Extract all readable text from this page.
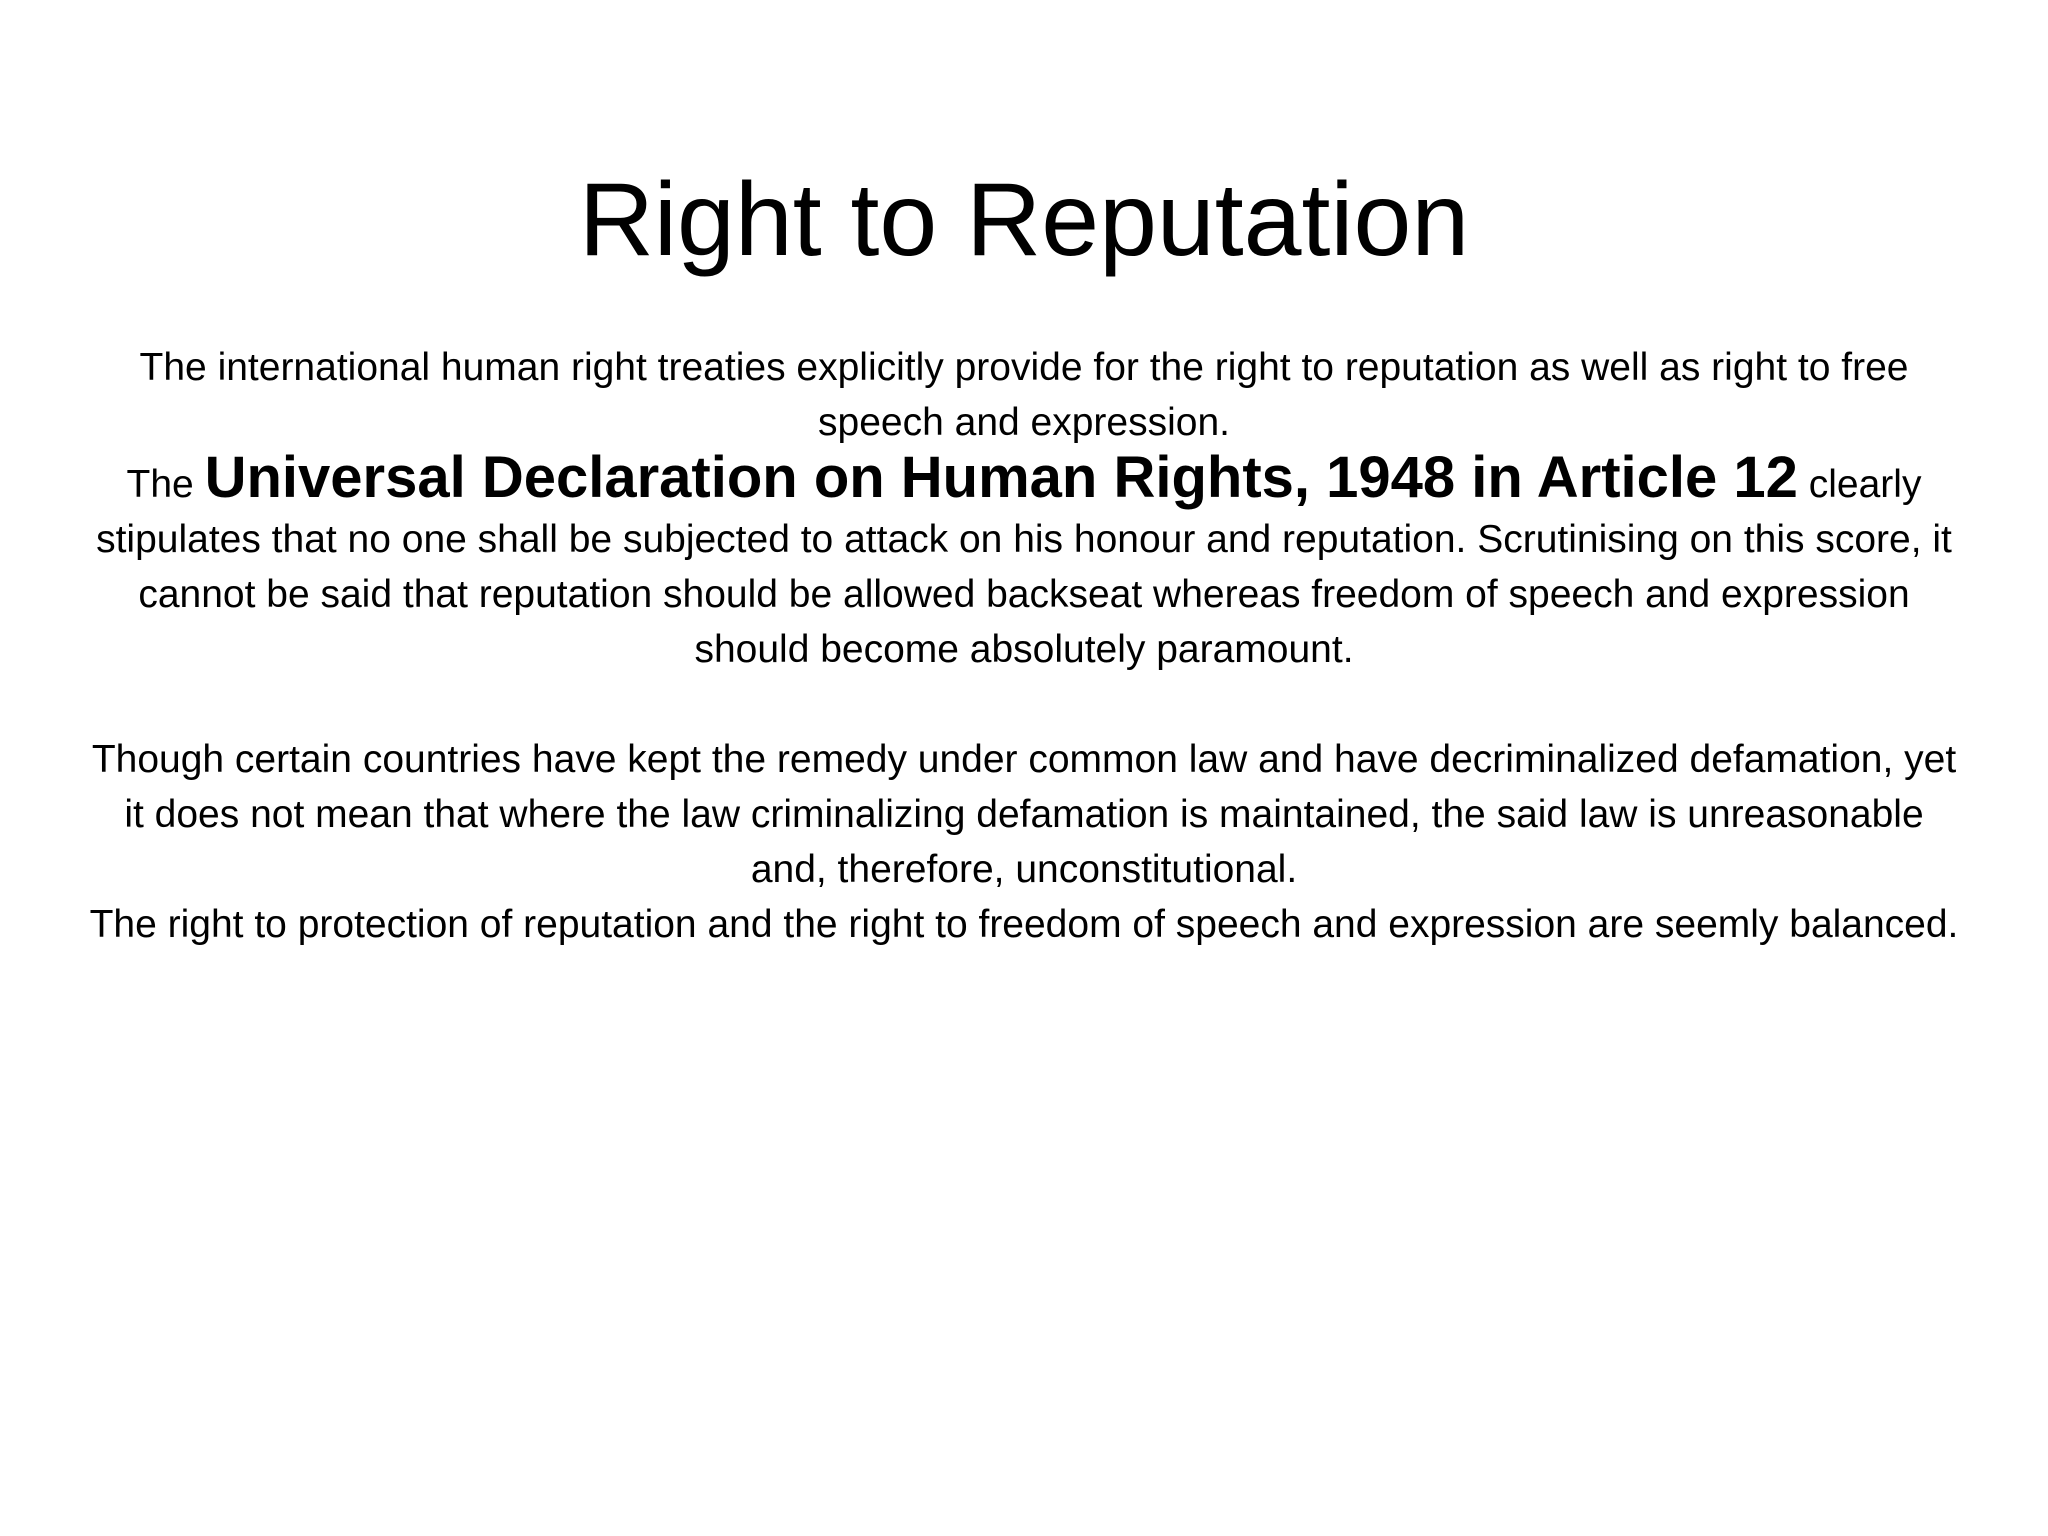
Right to Reputation

The international human right treaties explicitly provide for the right to reputation as well as right to free speech and expression.

The Universal Declaration on Human Rights, 1948 in Article 12 clearly stipulates that no one shall be subjected to attack on his honour and reputation. Scrutinising on this score, it cannot be said that reputation should be allowed backseat whereas freedom of speech and expression should become absolutely paramount.

Though certain countries have kept the remedy under common law and have decriminalized defamation, yet it does not mean that where the law criminalizing defamation is maintained, the said law is unreasonable and, therefore, unconstitutional.

The right to protection of reputation and the right to freedom of speech and expression are seemly balanced.
